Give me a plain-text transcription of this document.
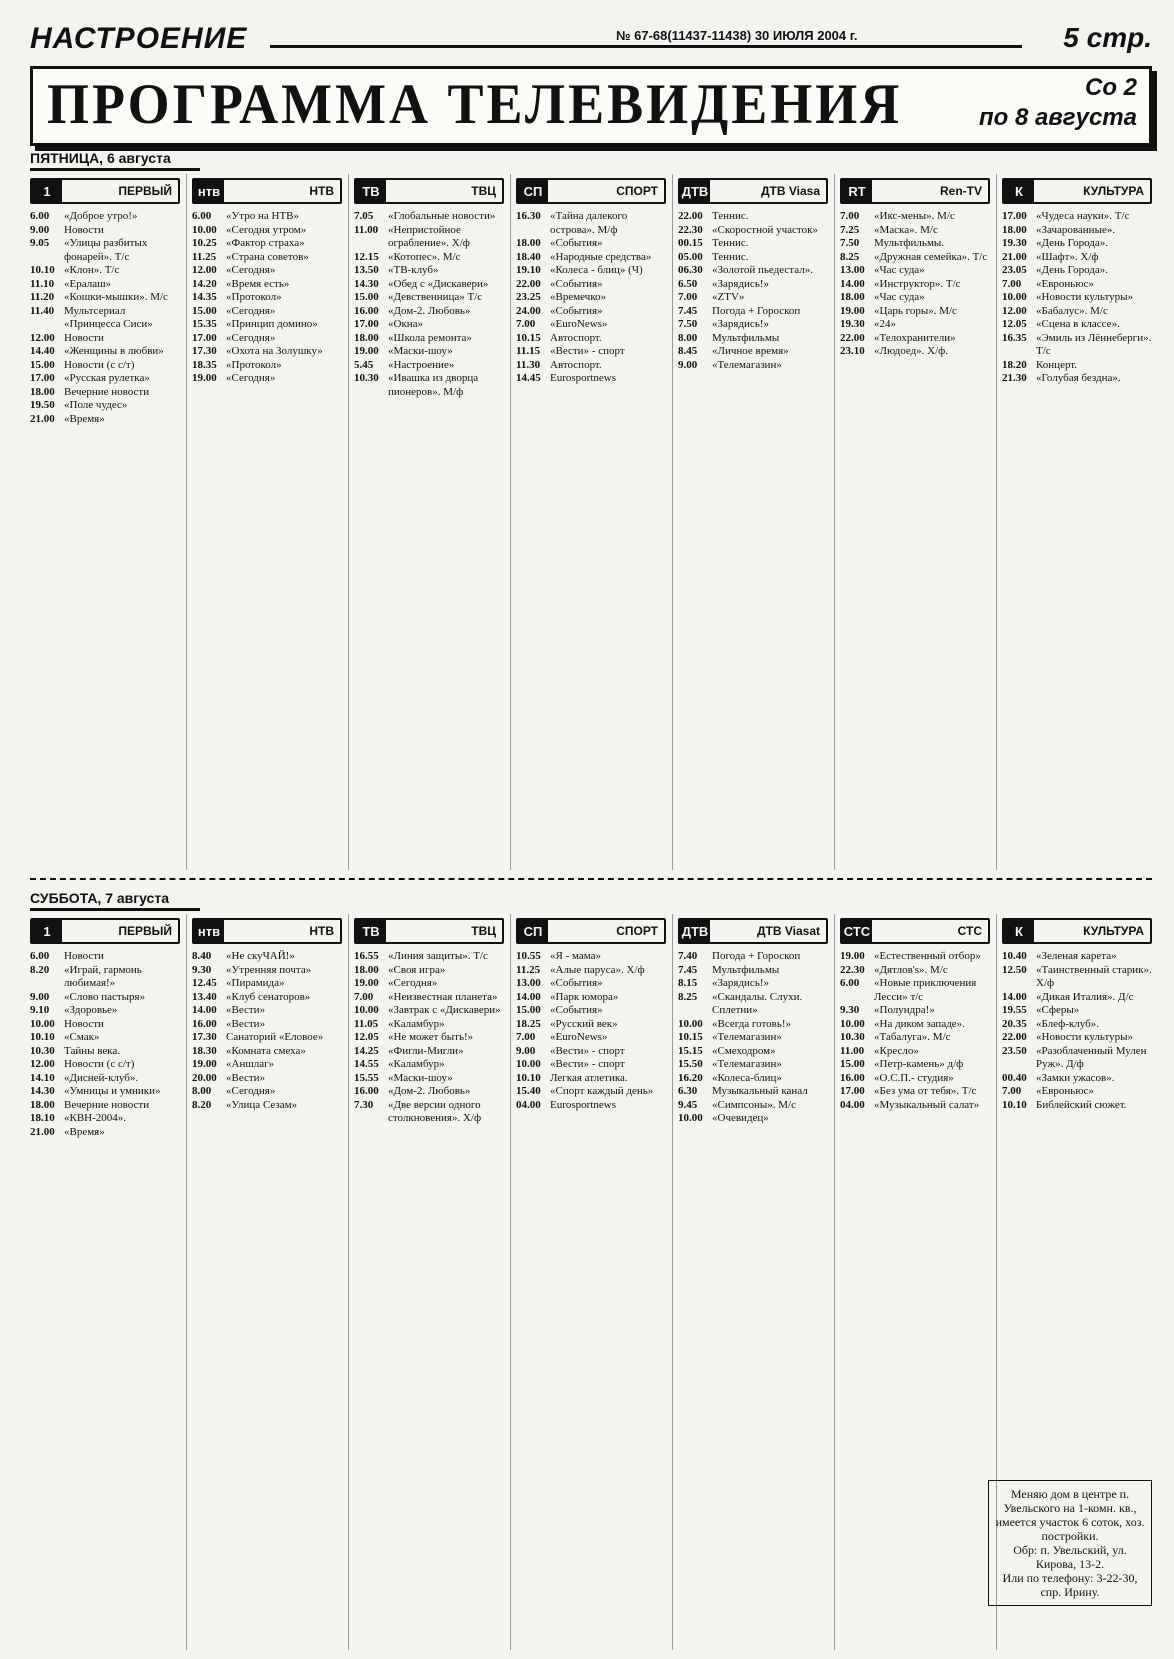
НАСТРОЕНИЕ	№ 67-68(11437-11438) 30 ИЮЛЯ 2004 г.	5 стр.
ПРОГРАММА ТЕЛЕВИДЕНИЯ	Со 2
по 8 августа
ПЯТНИЦА, 6 августа
1	ПЕРВЫЙ
6.00	«Доброе утро!»
9.00	Новости
9.05	«Улицы разбитых фонарей». Т/с
10.10 «Клон». Т/с
11.10 «Ералаш»
11.20 «Кошки-мышки». М/с
11.40 Мультсериал «Принцесса Сиси»
12.00 Новости
14.40 «Женщины в любви»
15.00 Новости (с с/т)
17.00 «Русская рулетка»
18.00 Вечерние новости
19.50 «Поле чудес»
21.00 «Время»
нтв	НТВ
6.00	«Утро на НТВ»
10.00 «Сегодня утром»
10.25 «Фактор страха»
11.25 «Страна советов»
12.00 «Сегодня»
14.20 «Время есть»
14.35 «Протокол»
15.00 «Сегодня»
15.35 «Принцип домино»
17.00 «Сегодня»
17.30 «Охота на Золушку»
18.35 «Протокол»
19.00 «Сегодня»
ТВ	ТВЦ
7.05	«Глобальные новости»
11.00 «Непристойное ограбление». Х/ф
12.15 «Котопес». М/с
13.50 «ТВ-клуб»
14.30 «Обед с «Дискавери»
15.00 «Девственница» Т/с
16.00 «Дом-2. Любовь»
17.00 «Окна»
18.00 «Школа ремонта»
19.00 «Маски-шоу»
5.45	«Настроение»
10.30 «Ивашка из дворца пионеров». М/ф
СП	СПОРТ
16.30 «Тайна далекого острова». М/ф
18.00 «События»
18.40 «Народные средства»
19.10 «Колеса - блиц» (Ч)
22.00 «События»
23.25 «Времечко»
24.00 «События»
7.00	«EuroNews»
10.15 Автоспорт.
11.15 «Вести» - спорт
11.30 Автоспорт.
14.45 Eurosportnews
ДТВ	ДТВ Viasa
22.00 Теннис.
22.30 «Скоростной участок»
00.15 Теннис.
05.00 Теннис.
06.30 «Золотой пьедестал».
6.50	«Зарядись!»
7.00	«ZTV»
7.45	Погода + Гороскоп
7.50	«Зарядись!»
8.00	Мультфильмы
8.45	«Личное время»
9.00	«Телемагазин»
RT	Ren-TV
7.00	«Икс-мены». М/с
7.25	«Маска». М/с
7.50	Мультфильмы.
8.25	«Дружная семейка». Т/с
13.00 «Час суда»
14.00 «Инструктор». Т/с
18.00 «Час суда»
19.00 «Царь горы». М/с
19.30 «24»
22.00 «Телохранители»
23.10 «Людоед». Х/ф.
К	КУЛЬТУРА
17.00 «Чудеса науки». Т/с
18.00 «Зачарованные».
19.30 «День Города».
21.00 «Шафт». Х/ф
23.05 «День Города».
7.00	«Евроньюс»
10.00 «Новости культуры»
12.00 «Бабалус». М/с
12.05 «Сцена в классе».
16.35 «Эмиль из Лённеберги». Т/с
18.20 Концерт.
21.30 «Голубая бездна».
СУББОТА, 7 августа
1	ПЕРВЫЙ
6.00	Новости
8.20	«Играй, гармонь любимая!»
9.00	«Слово пастыря»
9.10	«Здоровье»
10.00 Новости
10.10 «Смак»
10.30 Тайны века.
12.00 Новости (с с/т)
14.10 «Дисней-клуб».
14.30 «Умницы и умники»
18.00 Вечерние новости
18.10 «КВН-2004».
21.00 «Время»
нтв	НТВ
8.40	«Не скуЧАЙ!»
9.30	«Утренняя почта»
12.45 «Пирамида»
13.40 «Клуб сенаторов»
14.00 «Вести»
16.00 «Вести»
17.30 Санаторий «Еловое»
18.30 «Комната смеха»
19.00 «Аншлаг»
20.00 «Вести»
8.00	«Сегодня»
8.20	«Улица Сезам»
ТВ	ТВЦ
16.55 «Линия защиты». Т/с
18.00 «Своя игра»
19.00 «Сегодня»
7.00	«Неизвестная планета»
10.00 «Завтрак с «Дискавери»
11.05 «Каламбур»
12.05 «Не может быть!»
14.25 «Фигли-Мигли»
14.55 «Каламбур»
15.55 «Маски-шоу»
16.00 «Дом-2. Любовь»
7.30	«Две версии одного столкновения». Х/ф
СП	СПОРТ
10.55 «Я - мама»
11.25 «Алые паруса». Х/ф
13.00 «События»
14.00 «Парк юмора»
15.00 «События»
18.25 «Русский век»
7.00	«EuroNews»
9.00	«Вести» - спорт
10.00 «Вести» - спорт
10.10 Легкая атлетика.
15.40 «Спорт каждый день»
04.00 Eurosportnews
ДТВ	ДТВ Viasat
7.40	Погода + Гороскоп
7.45	Мультфильмы
8.15	«Зарядись!»
8.25	«Скандалы. Слухи. Сплетни»
10.00 «Всегда готовь!»
10.15 «Телемагазин»
15.15 «Смеходром»
15.50 «Телемагазин»
16.20 «Колеса-блиц»
6.30	Музыкальный канал
9.45	«Симпсоны». М/с
10.00 «Очевидец»
СТС	СТС
19.00 «Естественный отбор»
22.30 «Дятлов's». М/с
6.00	«Новые приключения Лесси» т/с
9.30	«Полундра!»
10.00 «На диком западе».
10.30 «Табалуга». М/с
11.00 «Кресло»
15.00 «Петр-камень» д/ф
16.00 «О.С.П.- студия»
17.00 «Без ума от тебя». Т/с
04.00 «Музыкальный салат»
К	КУЛЬТУРА
10.40 «Зеленая карета»
12.50 «Таинственный старик». Х/ф
14.00 «Дикая Италия». Д/с
19.55 «Сферы»
20.35 «Блеф-клуб».
22.00 «Новости культуры»
23.50 «Разоблаченный Мулен Руж». Д/ф
00.40 «Замки ужасов».
7.00	«Евроньюс»
10.10 Библейский сюжет.
Меняю дом в центре п. Увельского на 1-комн. кв., имеется участок 6 соток, хоз. постройки.
Обр: п. Увельский, ул. Кирова, 13-2.
Или по телефону: 3-22-30, спр. Ирину.
